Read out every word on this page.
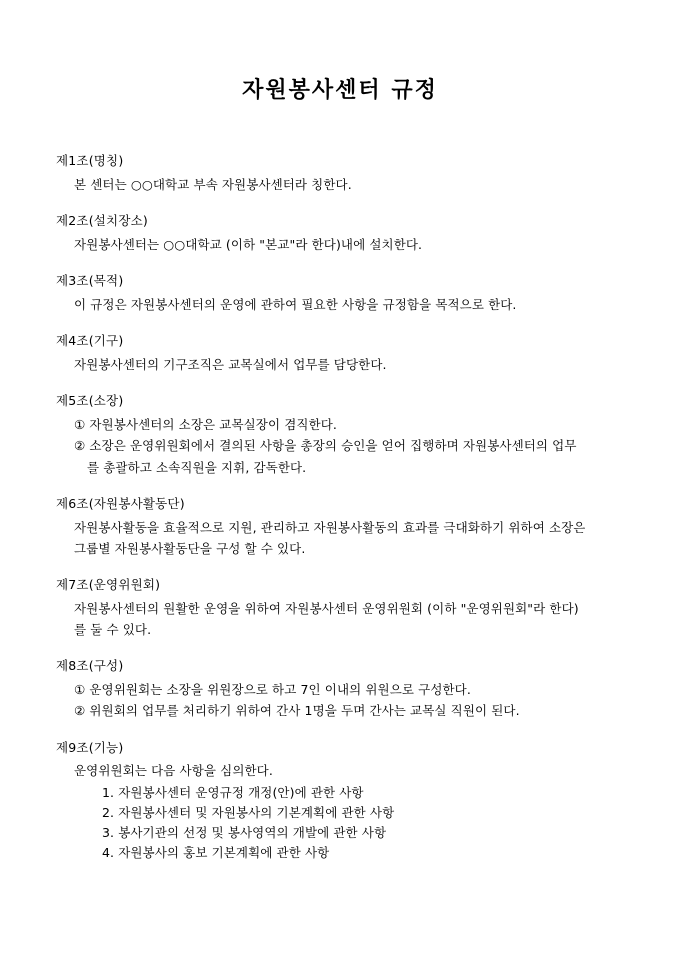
자원봉사센터 규정

제1조(명칭)

본 센터는 ○○대학교 부속 자원봉사센터라 칭한다.

제2조(설치장소)

자원봉사센터는 ○○대학교 (이하 "본교"라 한다)내에 설치한다.

제3조(목적)

이 규정은 자원봉사센터의 운영에 관하여 필요한 사항을 규정함을 목적으로 한다.

제4조(기구)

자원봉사센터의 기구조직은 교목실에서 업무를 담당한다.

제5조(소장)

① 자원봉사센터의 소장은 교목실장이 겸직한다.

② 소장은 운영위원회에서 결의된 사항을 총장의 승인을 얻어 집행하며 자원봉사센터의 업무

를 총괄하고 소속직원을 지휘, 감독한다.

제6조(자원봉사활동단)

자원봉사활동을 효율적으로 지원, 관리하고 자원봉사활동의 효과를 극대화하기 위하여 소장은

그룹별 자원봉사활동단을 구성 할 수 있다.

제7조(운영위원회)

자원봉사센터의 원활한 운영을 위하여 자원봉사센터 운영위원회 (이하 "운영위원회"라 한다)

를 둘 수 있다.

제8조(구성)

① 운영위원회는 소장을 위원장으로 하고 7인 이내의 위원으로 구성한다.

② 위원회의 업무를 처리하기 위하여 간사 1명을 두며 간사는 교목실 직원이 된다.

제9조(기능)

운영위원회는 다음 사항을 심의한다.

1. 자원봉사센터 운영규정 개정(안)에 관한 사항

2. 자원봉사센터 및 자원봉사의 기본계획에 관한 사항

3. 봉사기관의 선정 및 봉사영역의 개발에 관한 사항

4. 자원봉사의 홍보 기본계획에 관한 사항
